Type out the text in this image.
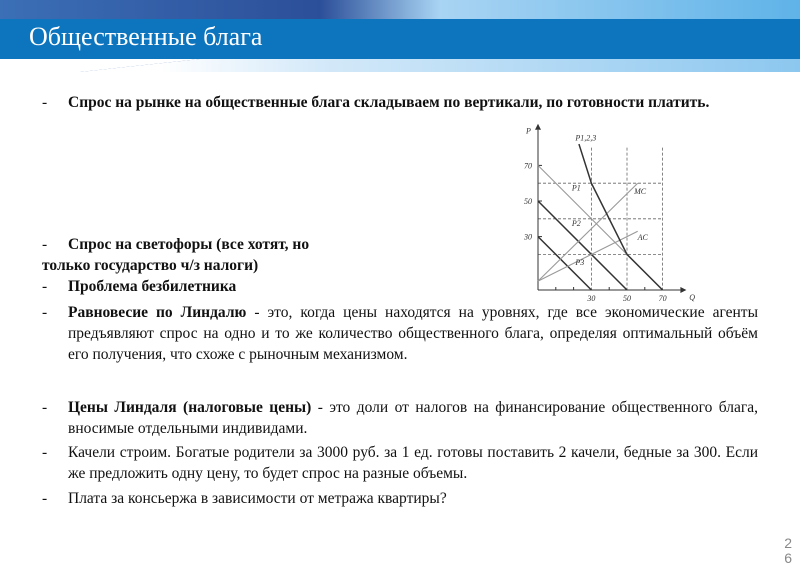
Общественные блага
-	Спрос на рынке на общественные блага складываем по вертикали, по готовности платить.
70
50
30
30	50	70
P
Q
P1,2,3
P1
P2
P3
MC
AC
-	Спрос на светофоры (все хотят, но
только государство ч/з налоги)
-	Проблема безбилетника
-	Равновесие по Линдалю - это, когда цены находятся на уровнях, где все экономические агенты предъявляют спрос на одно и то же количество общественного блага, определяя оптимальный объём его получения, что схоже с рыночным механизмом.
-	Цены Линдаля (налоговые цены) - это доли от налогов на финансирование общественного блага, вносимые отдельными индивидами.
-	Качели строим. Богатые родители за 3000 руб. за 1 ед. готовы поставить 2 качели, бедные за 300. Если же предложить одну цену, то будет спрос на разные объемы.
-	Плата за консьержа в зависимости от метража квартиры?
2
6
